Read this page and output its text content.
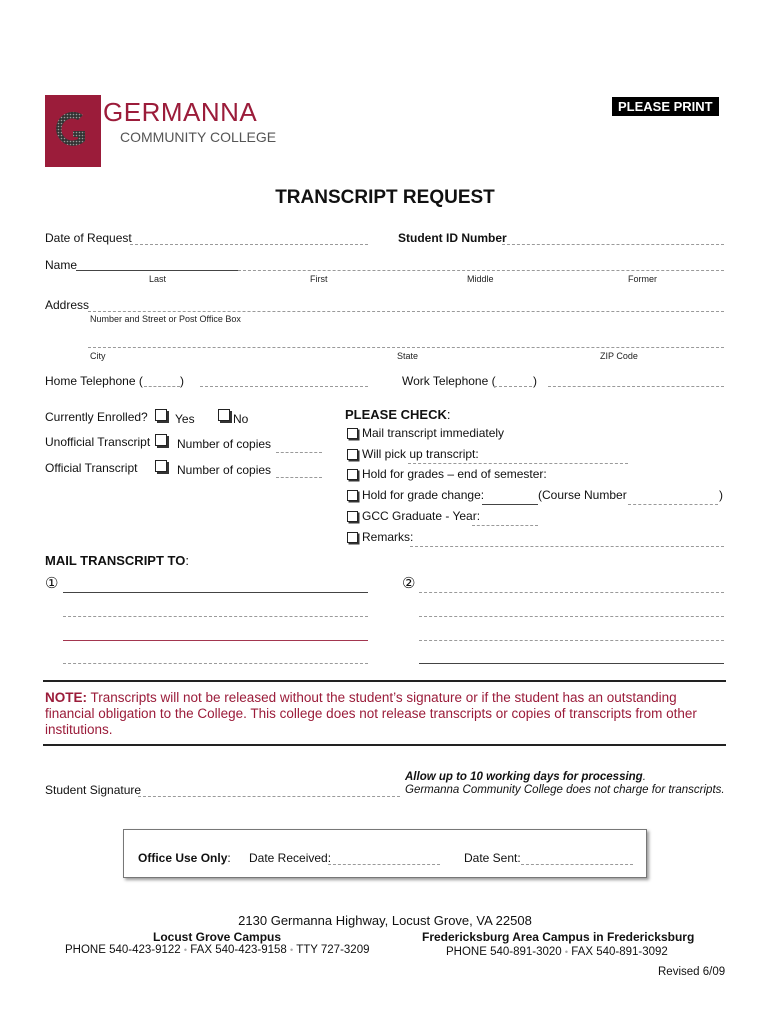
GERMANNA
COMMUNITY COLLEGE
PLEASE PRINT
TRANSCRIPT REQUEST
Date of Request	Student ID Number
Name
Last	First	Middle	Former
Address
Number and Street or Post Office Box
City	State	ZIP Code
Home Telephone (	)	Work Telephone (	)
Currently Enrolled? Yes	No
Unofficial Transcript Number of copies
Official Transcript	Number of copies
PLEASE CHECK:
Mail transcript immediately
Will pick up transcript:
Hold for grades – end of semester:
Hold for grade change:	(Course Number	)
GCC Graduate - Year:
Remarks:
MAIL TRANSCRIPT TO:
①	②
NOTE: Transcripts will not be released without the student’s signature or if the student has an outstanding
financial obligation to the College. This college does not release transcripts or copies of transcripts from other
institutions.
Student Signature
Allow up to 10 working days for processing.
Germanna Community College does not charge for transcripts.
Office Use Only: Date Received:	Date Sent:
2130 Germanna Highway, Locust Grove, VA 22508
Locust Grove Campus
PHONE 540-423-9122 • FAX 540-423-9158 • TTY 727-3209
Fredericksburg Area Campus in Fredericksburg
PHONE 540-891-3020 • FAX 540-891-3092
Revised 6/09
